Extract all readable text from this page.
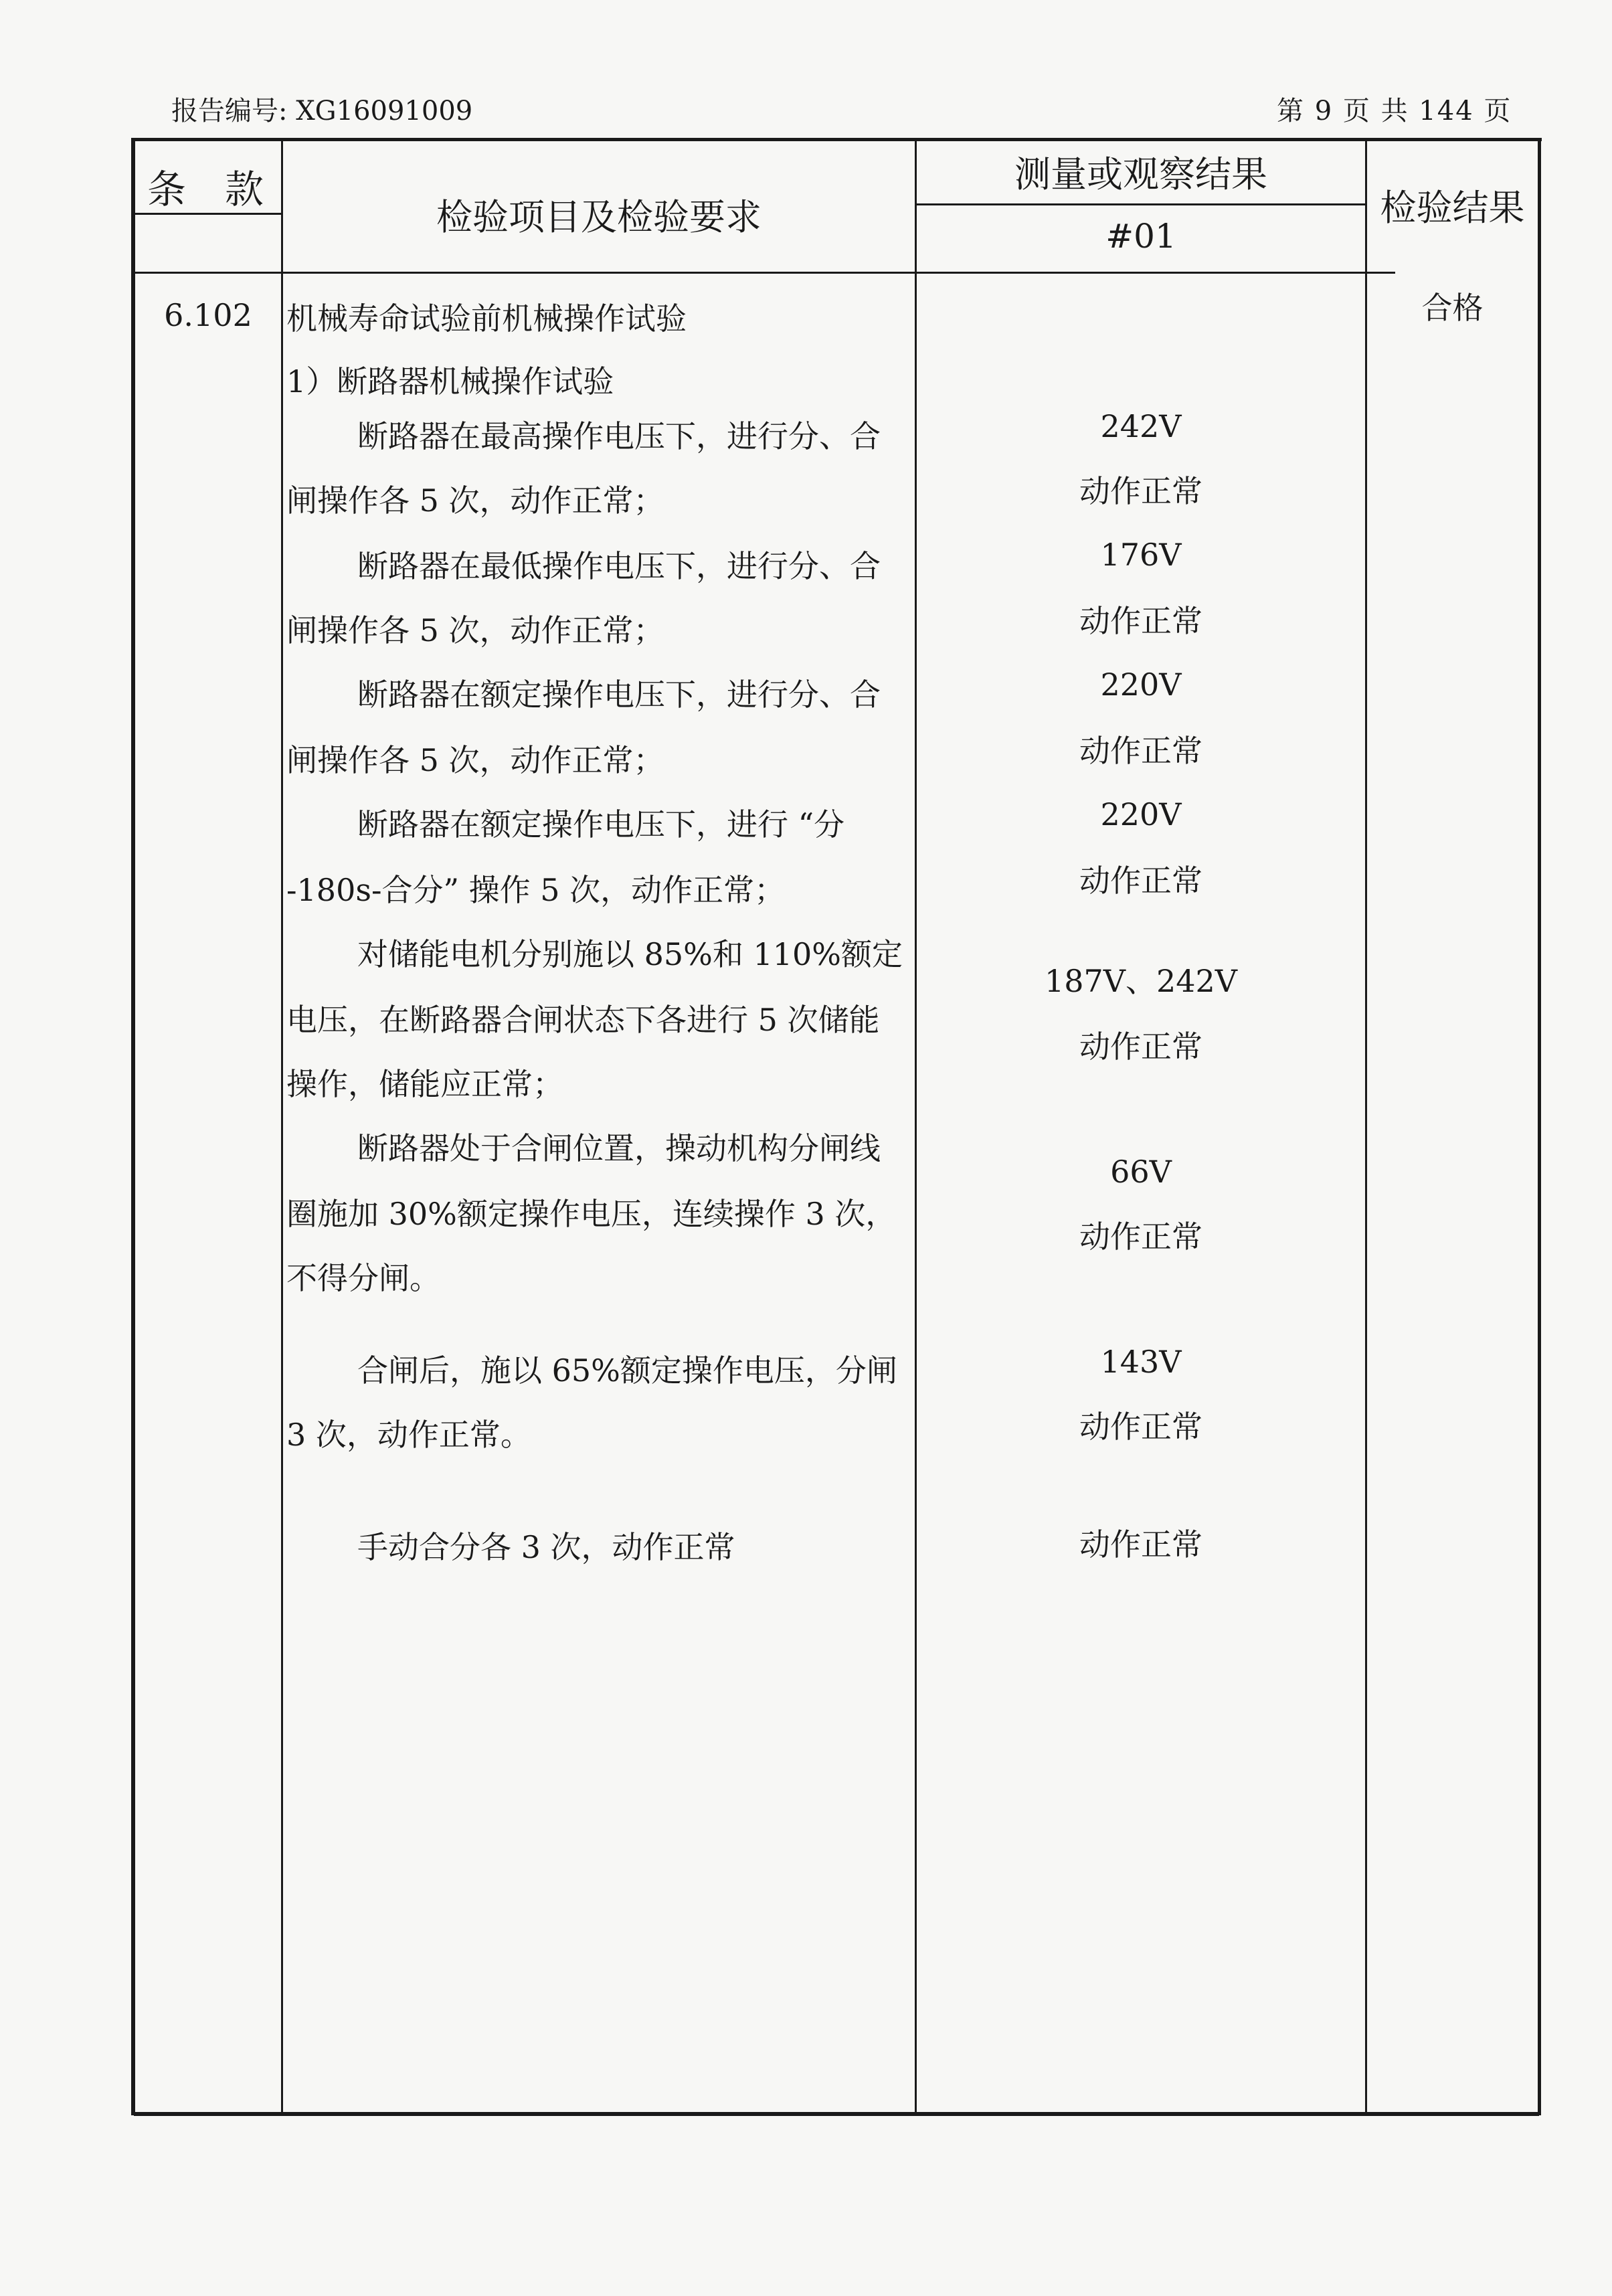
报告编号: XG16091009	第 9 页 共 144 页
条　款
检验项目及检验要求
测量或观察结果
#01
检验结果
6.102	合格
机械寿命试验前机械操作试验
1）断路器机械操作试验
断路器在最高操作电压下，进行分、合
闸操作各 5 次，动作正常；
断路器在最低操作电压下，进行分、合
闸操作各 5 次，动作正常；
断路器在额定操作电压下，进行分、合
闸操作各 5 次，动作正常；
断路器在额定操作电压下，进行 “分
-180s-合分” 操作 5 次，动作正常；
对储能电机分别施以 85%和 110%额定
电压，在断路器合闸状态下各进行 5 次储能
操作，储能应正常；
断路器处于合闸位置，操动机构分闸线
圈施加 30%额定操作电压，连续操作 3 次，
不得分闸。
合闸后，施以 65%额定操作电压，分闸
3 次，动作正常。
手动合分各 3 次，动作正常
242V
动作正常
176V
动作正常
220V
动作正常
220V
动作正常
187V、242V
动作正常
66V
动作正常
143V
动作正常
动作正常
